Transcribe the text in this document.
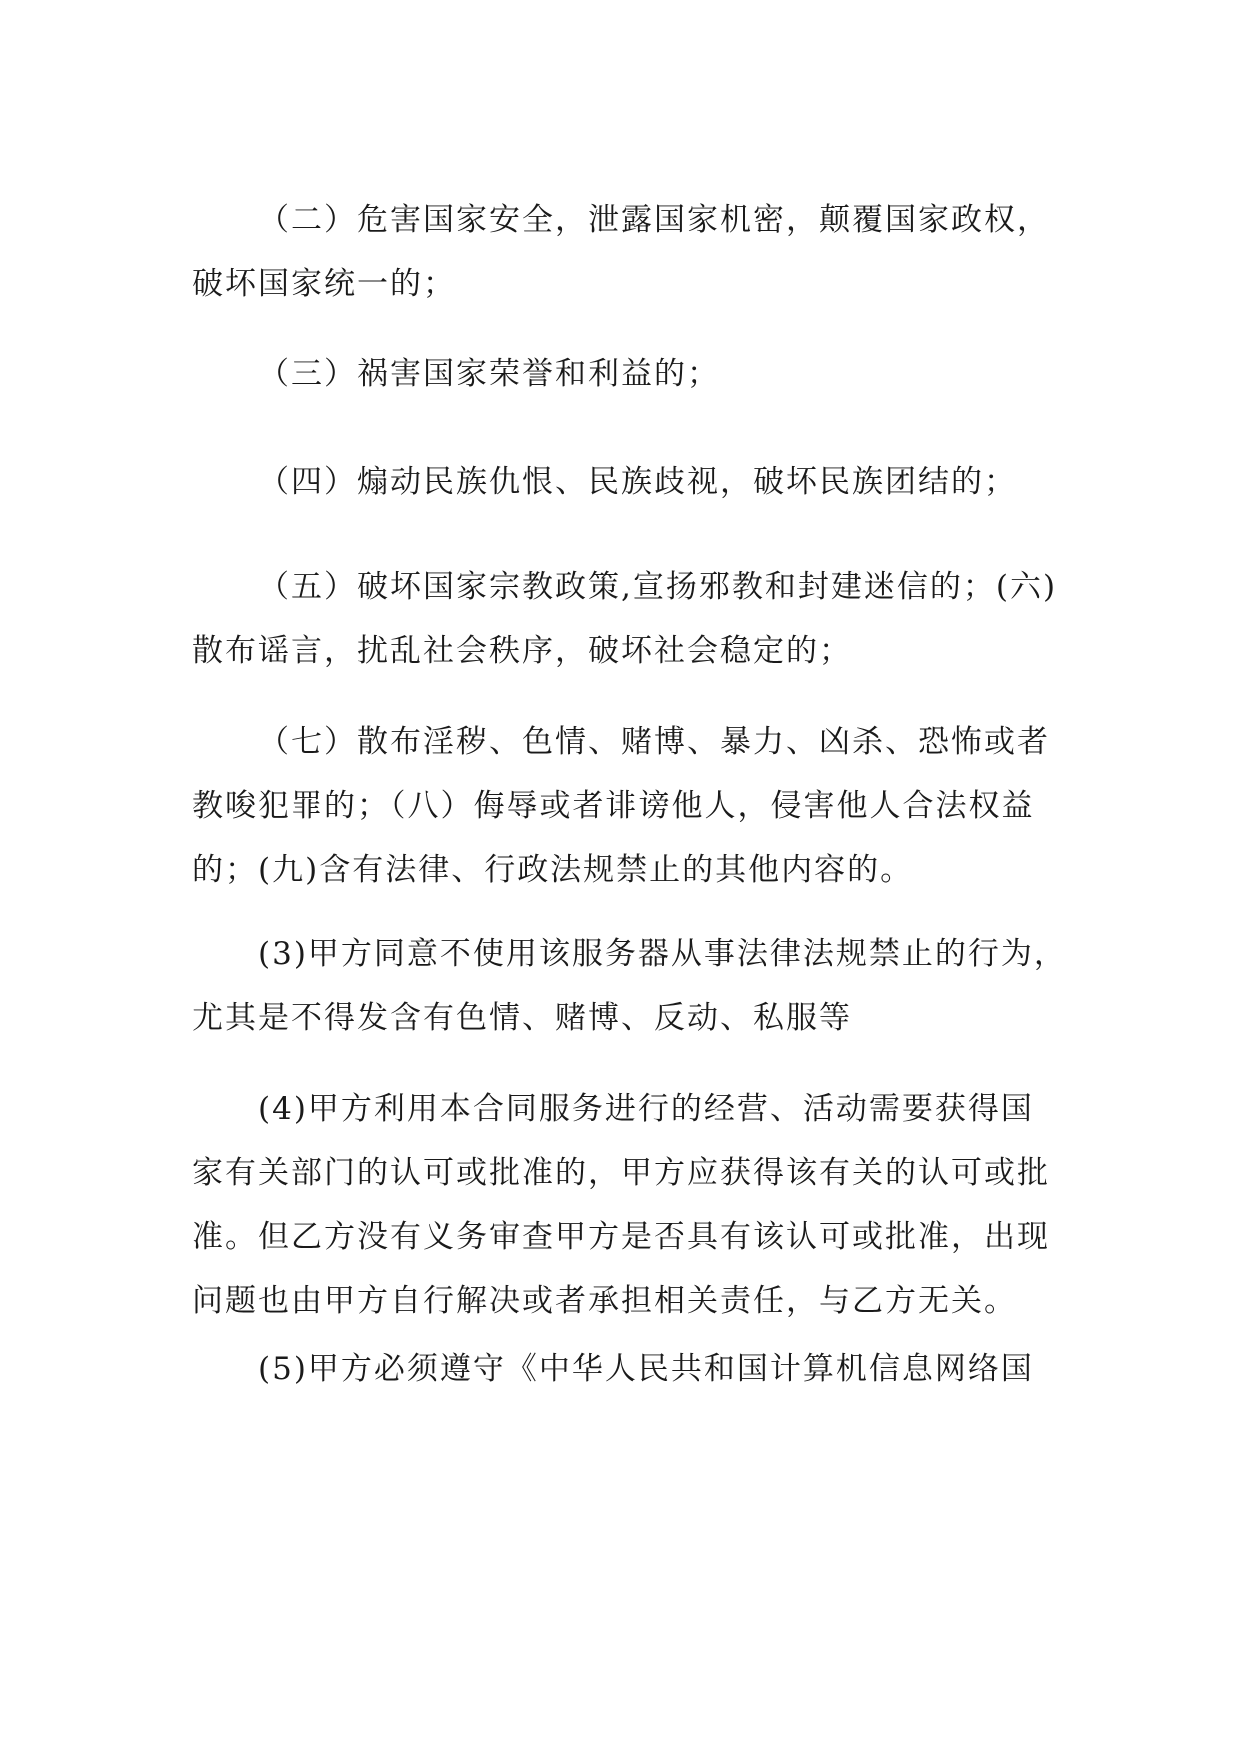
（二）危害国家安全，泄露国家机密，颠覆国家政权，
破坏国家统一的；

（三）祸害国家荣誉和利益的；

（四）煽动民族仇恨、民族歧视，破坏民族团结的；

（五）破坏国家宗教政策,宣扬邪教和封建迷信的；(六)
散布谣言，扰乱社会秩序，破坏社会稳定的；

（七）散布淫秽、色情、赌博、暴力、凶杀、恐怖或者
教唆犯罪的；（八）侮辱或者诽谤他人，侵害他人合法权益
的；(九)含有法律、行政法规禁止的其他内容的。

(3)甲方同意不使用该服务器从事法律法规禁止的行为，
尤其是不得发含有色情、赌博、反动、私服等

(4)甲方利用本合同服务进行的经营、活动需要获得国
家有关部门的认可或批准的，甲方应获得该有关的认可或批
准。但乙方没有义务审查甲方是否具有该认可或批准，出现
问题也由甲方自行解决或者承担相关责任，与乙方无关。

(5)甲方必须遵守《中华人民共和国计算机信息网络国
